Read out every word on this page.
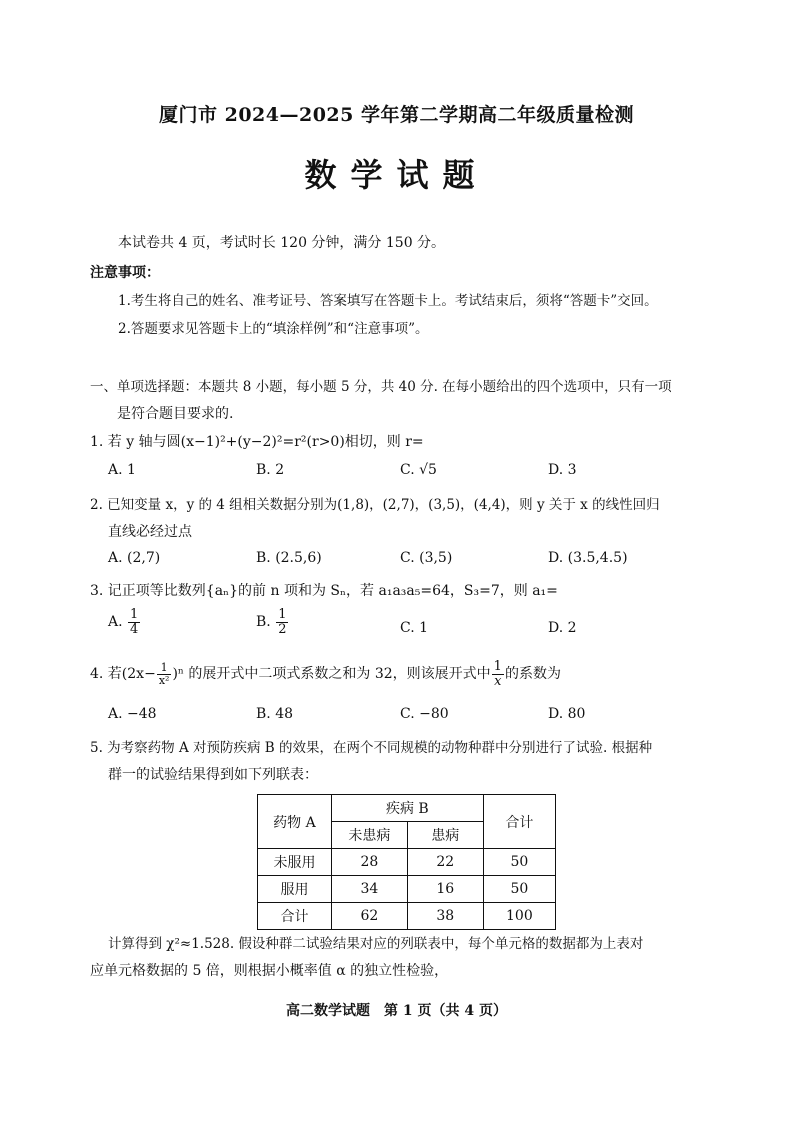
厦门市 2024—2025 学年第二学期高二年级质量检测
数学试题
本试卷共 4 页，考试时长 120 分钟，满分 150 分。
注意事项：
1.考生将自己的姓名、准考证号、答案填写在答题卡上。考试结束后，须将“答题卡”交回。
2.答题要求见答题卡上的“填涂样例”和“注意事项”。
一、单项选择题：本题共 8 小题，每小题 5 分，共 40 分. 在每小题给出的四个选项中，只有一项
是符合题目要求的.
1. 若 y 轴与圆(x−1)²+(y−2)²=r²(r>0)相切，则 r=
A. 1	B. 2	C. √5	D. 3
2. 已知变量 x，y 的 4 组相关数据分别为(1,8)，(2,7)，(3,5)，(4,4)，则 y 关于 x 的线性回归
直线必经过点
A. (2,7)	B. (2.5,6)	C. (3,5)	D. (3.5,4.5)
3. 记正项等比数列{aₙ}的前 n 项和为 Sₙ，若 a₁a₃a₅=64，S₃=7，则 a₁=
A. $\frac{1}{4}$	B. $\frac{1}{2}$	C. 1	D. 2
4. 若$(2x- \frac{1}{\text{x²}} )^n$ 的展开式中二项式系数之和为 32，则该展开式中 $\frac{1}{x}$ 的系数为
A. −48	B. 48	C. −80	D. 80
5. 为考察药物 A 对预防疾病 B 的效果，在两个不同规模的动物种群中分别进行了试验. 根据种
群一的试验结果得到如下列联表：
药物 A	疾病 B		合计
	未患病	患病	
未服用	28	22	50
服用	34	16	50
合计	62	38	100
计算得到 χ²≈1.528. 假设种群二试验结果对应的列联表中，每个单元格的数据都为上表对
应单元格数据的 5 倍，则根据小概率值 α 的独立性检验，
高二数学试题　第 1 页（共 4 页）
